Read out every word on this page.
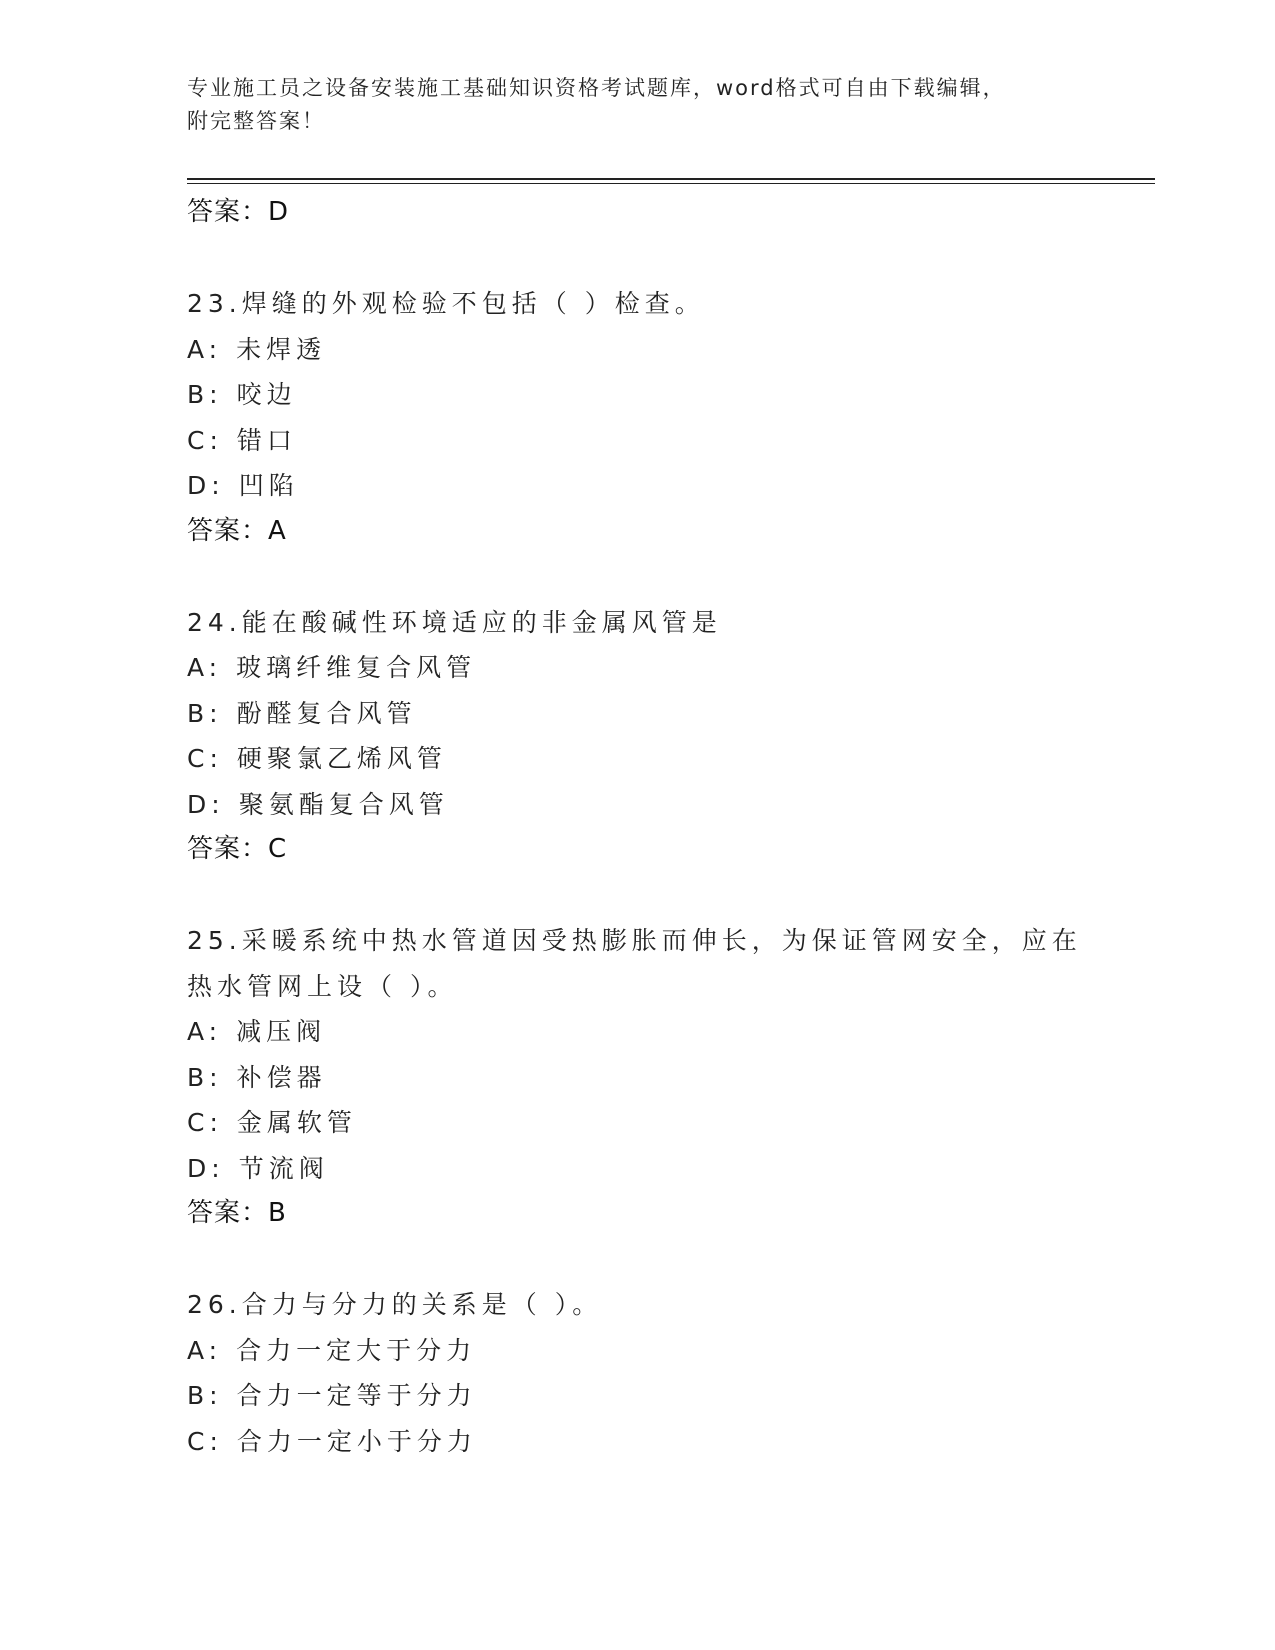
专业施工员之设备安装施工基础知识资格考试题库，word格式可自由下载编辑，
附完整答案！
答案：D
23.焊缝的外观检验不包括（ ）检查。
A: 未焊透
B: 咬边
C: 错口
D: 凹陷
答案：A
24.能在酸碱性环境适应的非金属风管是
A: 玻璃纤维复合风管
B: 酚醛复合风管
C: 硬聚氯乙烯风管
D: 聚氨酯复合风管
答案：C
25.采暖系统中热水管道因受热膨胀而伸长，为保证管网安全，应在热水管网上设（ ）。
A: 减压阀
B: 补偿器
C: 金属软管
D: 节流阀
答案：B
26.合力与分力的关系是（ ）。
A: 合力一定大于分力
B: 合力一定等于分力
C: 合力一定小于分力
